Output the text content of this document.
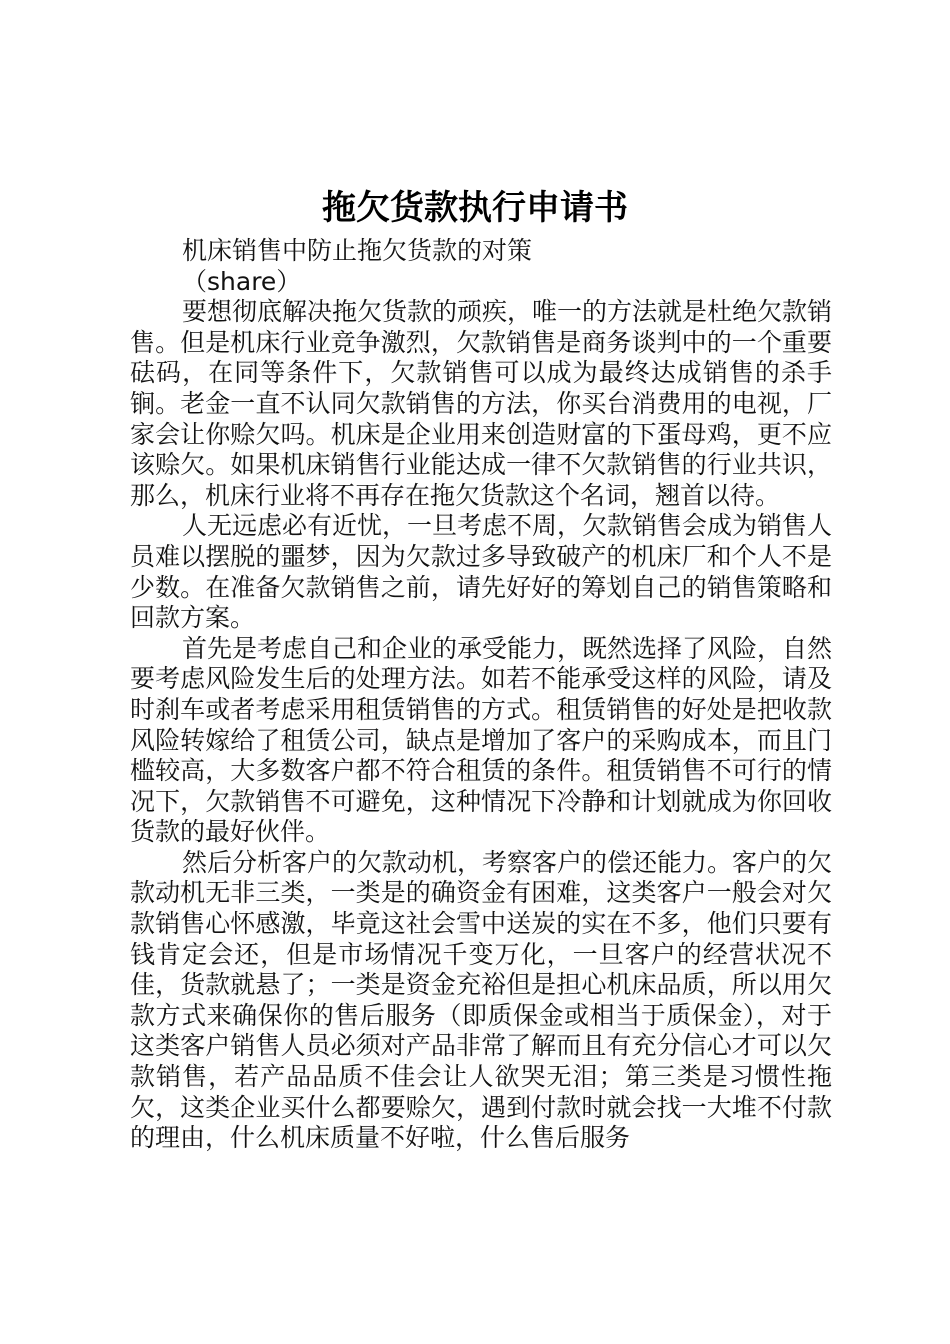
拖欠货款执行申请书

机床销售中防止拖欠货款的对策

（share）

要想彻底解决拖欠货款的顽疾，唯一的方法就是杜绝欠款销售。但是机床行业竞争激烈，欠款销售是商务谈判中的一个重要砝码，在同等条件下，欠款销售可以成为最终达成销售的杀手锏。老金一直不认同欠款销售的方法，你买台消费用的电视，厂家会让你赊欠吗。机床是企业用来创造财富的下蛋母鸡，更不应该赊欠。如果机床销售行业能达成一律不欠款销售的行业共识，那么，机床行业将不再存在拖欠货款这个名词，翘首以待。

人无远虑必有近忧，一旦考虑不周，欠款销售会成为销售人员难以摆脱的噩梦，因为欠款过多导致破产的机床厂和个人不是少数。在准备欠款销售之前，请先好好的筹划自己的销售策略和回款方案。

首先是考虑自己和企业的承受能力，既然选择了风险，自然要考虑风险发生后的处理方法。如若不能承受这样的风险，请及时刹车或者考虑采用租赁销售的方式。租赁销售的好处是把收款风险转嫁给了租赁公司，缺点是增加了客户的采购成本，而且门槛较高，大多数客户都不符合租赁的条件。租赁销售不可行的情况下，欠款销售不可避免，这种情况下冷静和计划就成为你回收货款的最好伙伴。

然后分析客户的欠款动机，考察客户的偿还能力。客户的欠款动机无非三类，一类是的确资金有困难，这类客户一般会对欠款销售心怀感激，毕竟这社会雪中送炭的实在不多，他们只要有钱肯定会还，但是市场情况千变万化，一旦客户的经营状况不佳，货款就悬了；一类是资金充裕但是担心机床品质，所以用欠款方式来确保你的售后服务（即质保金或相当于质保金），对于这类客户销售人员必须对产品非常了解而且有充分信心才可以欠款销售，若产品品质不佳会让人欲哭无泪；第三类是习惯性拖欠，这类企业买什么都要赊欠，遇到付款时就会找一大堆不付款的理由，什么机床质量不好啦，什么售后服务
